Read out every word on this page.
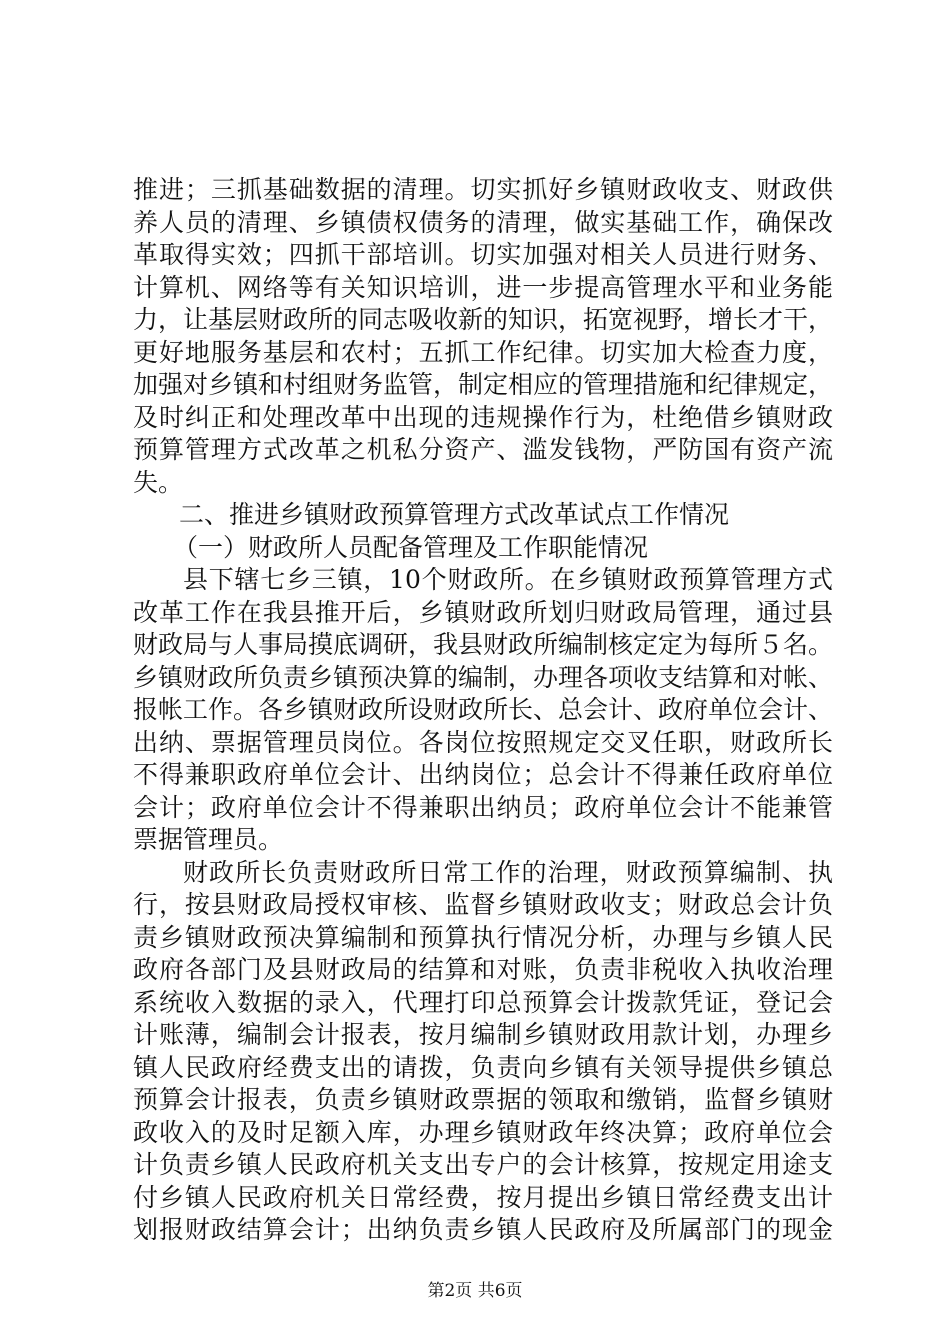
推进；三抓基础数据的清理。切实抓好乡镇财政收支、财政供
养人员的清理、乡镇债权债务的清理，做实基础工作，确保改
革取得实效；四抓干部培训。切实加强对相关人员进行财务、
计算机、网络等有关知识培训，进一步提高管理水平和业务能
力，让基层财政所的同志吸收新的知识，拓宽视野，增长才干，
更好地服务基层和农村；五抓工作纪律。切实加大检查力度，
加强对乡镇和村组财务监管，制定相应的管理措施和纪律规定，
及时纠正和处理改革中出现的违规操作行为，杜绝借乡镇财政
预算管理方式改革之机私分资产、滥发钱物，严防国有资产流
失。
二、推进乡镇财政预算管理方式改革试点工作情况
（一）财政所人员配备管理及工作职能情况
县下辖七乡三镇，10个财政所。在乡镇财政预算管理方式
改革工作在我县推开后，乡镇财政所划归财政局管理，通过县
财政局与人事局摸底调研，我县财政所编制核定定为每所５名。
乡镇财政所负责乡镇预决算的编制，办理各项收支结算和对帐、
报帐工作。各乡镇财政所设财政所长、总会计、政府单位会计、
出纳、票据管理员岗位。各岗位按照规定交叉任职，财政所长
不得兼职政府单位会计、出纳岗位；总会计不得兼任政府单位
会计；政府单位会计不得兼职出纳员；政府单位会计不能兼管
票据管理员。
财政所长负责财政所日常工作的治理，财政预算编制、执
行，按县财政局授权审核、监督乡镇财政收支；财政总会计负
责乡镇财政预决算编制和预算执行情况分析，办理与乡镇人民
政府各部门及县财政局的结算和对账，负责非税收入执收治理
系统收入数据的录入，代理打印总预算会计拨款凭证，登记会
计账薄，编制会计报表，按月编制乡镇财政用款计划，办理乡
镇人民政府经费支出的请拨，负责向乡镇有关领导提供乡镇总
预算会计报表，负责乡镇财政票据的领取和缴销，监督乡镇财
政收入的及时足额入库，办理乡镇财政年终决算；政府单位会
计负责乡镇人民政府机关支出专户的会计核算，按规定用途支
付乡镇人民政府机关日常经费，按月提出乡镇日常经费支出计
划报财政结算会计；出纳负责乡镇人民政府及所属部门的现金
第2页 共6页
